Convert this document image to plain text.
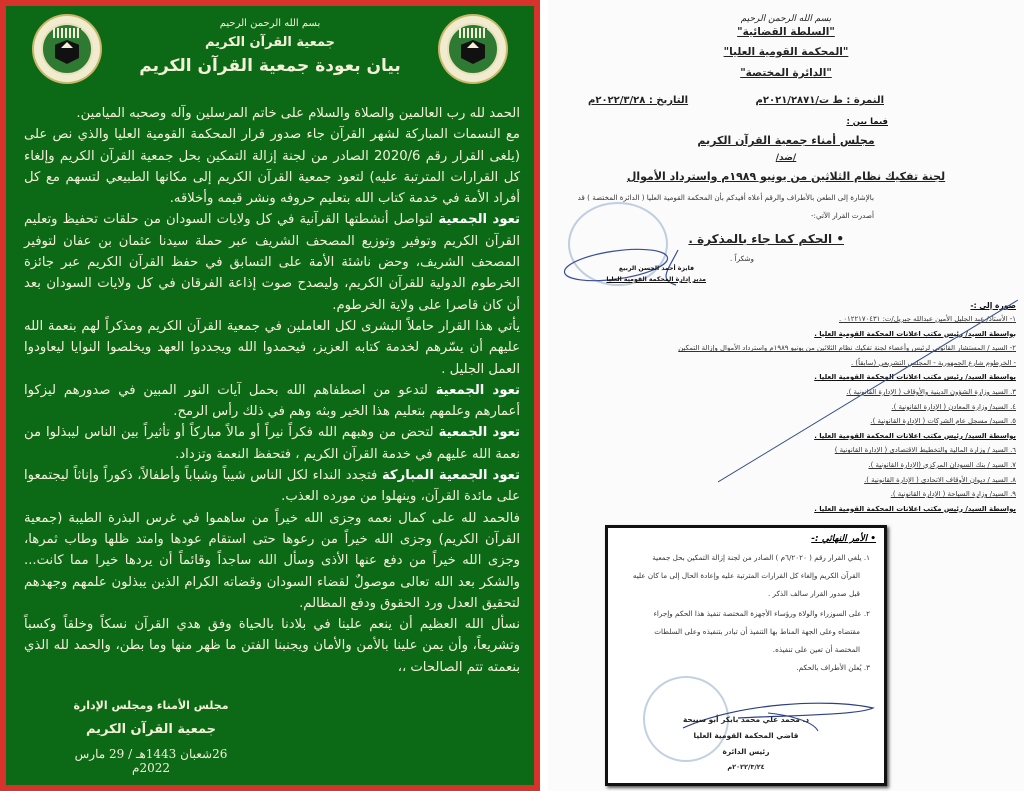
بسم الله الرحمن الرحيم
جمعية القرآن الكريم
بيان بعودة جمعية القرآن الكريم

الحمد لله رب العالمين والصلاة والسلام على خاتم المرسلين وآله وصحبه الميامين.

مع النسمات المباركة لشهر القرآن جاء صدور قرار المحكمة القومية العليا والذي نص على (يلغى القرار رقم 2020/6 الصادر من لجنة إزالة التمكين بحل جمعية القرآن الكريم وإلغاء كل القرارات المترتبة عليه) لتعود جمعية القرآن الكريم إلى مكانها الطبيعي لتسهم مع كل أفراد الأمة في خدمة كتاب الله بتعليم حروفه ونشر قيمه وأخلاقه.

تعود الجمعية لتواصل أنشطتها القرآنية في كل ولايات السودان من حلقات تحفيظ وتعليم القرآن الكريم وتوفير وتوزيع المصحف الشريف عبر حملة سيدنا عثمان بن عفان لتوفير المصحف الشريف، وحض ناشئة الأمة على التسابق في حفظ القرآن الكريم عبر جائزة الخرطوم الدولية للقرآن الكريم، وليصدح صوت إذاعة الفرقان في كل ولايات السودان بعد أن كان قاصرا على ولاية الخرطوم.

يأتي هذا القرار حاملاً البشرى لكل العاملين في جمعية القرآن الكريم ومذكراً لهم بنعمة الله عليهم أن يسّرهم لخدمة كتابه العزيز، فيحمدوا الله ويجددوا العهد ويخلصوا النوايا ليعاودوا العمل الجليل .

تعود الجمعية لتدعو من اصطفاهم الله بحمل آيات النور المبين في صدورهم ليزكوا أعمارهم وعلمهم بتعليم هذا الخير وبثه وهم في ذلك رأس الرمح.

تعود الجمعية لتحض من وهبهم الله فكراً نيراً أو مالاً مباركاً أو تأثيراً بين الناس ليبذلوا من نعمة الله عليهم في خدمة القرآن الكريم ، فتحفظ النعمة وتزداد.

تعود الجمعية المباركة فتجدد النداء لكل الناس شيباً وشباباً وأطفالاً، ذكوراً وإناثاً ليجتمعوا على مائدة القرآن، وينهلوا من مورده العذب.

فالحمد لله على كمال نعمه وجزى الله خيراً من ساهموا في غرس البذرة الطيبة (جمعية القرآن الكريم) وجزى الله خيراً من رعوها حتى استقام عودها وامتد ظلها وطاب ثمرها، وجزى الله خيراً من دفع عنها الأذى وسأل الله ساجداً وقائماً أن يردها خيرا مما كانت... والشكر بعد الله تعالى موصولٌ لقضاء السودان وقضاته الكرام الذين يبذلون علمهم وجهدهم لتحقيق العدل ورد الحقوق ودفع المظالم.

نسأل الله العظيم أن ينعم علينا في بلادنا بالحياة وفق هدي القرآن نسكاً وخلقاً وكسباً وتشريعاً، وأن يمن علينا بالأمن والأمان ويجنبنا الفتن ما ظهر منها وما بطن، والحمد لله الذي بنعمته تتم الصالحات ،،

مجلس الأمناء ومجلس الإدارة
جمعية القرآن الكريم
26شعبان 1443هـ / 29 مارس 2022م
بسم الله الرحمن الرحيم
"السلطة القضائية"
"المحكمة القومية العليا"
"الدائرة المختصة"
النمرة : ط ت/٢٠٢١/٢٨٧١م
التاريخ : ٢٠٢٢/٣/٢٨م
فيما بين :
مجلس أمناء جمعية القرآن الكريم
/ضد/
لجنة تفكيك نظام الثلاثين من يونيو ١٩٨٩م واسترداد الأموال
بالإشارة إلى الطعن بالأطراف والرقم أعلاه أفيدكم بأن المحكمة القومية العليا ( الدائرة المختصة ) قد
أصدرت القرار الآتي:-
• الحكم كما جاء بالمذكرة .
وشكراً .
فايزة أحمد الحسن الربيع
مدير إدارة المحكمة القومية العليا
صورة إلى :-
١- الأستاذ/ عبد الجليل الأمين عبدالله جبريل/ت: ٠١٢٢١٧٠٤٣١ .
بواسطة السيد/ رئيس مكتب اعلانات المحكمة القومية العليا .
٢- السيد / المستشار القانوني لرئيس وأعضاء لجنة تفكيك نظام الثلاثين من يونيو ١٩٨٩م واسترداد الأموال وإزالة التمكين
- الخرطوم شارع الجمهورية - المجلس التشريعي (سابقاً) .
بواسطة السيد/ رئيس مكتب اعلانات المحكمة القومية العليا .
٣. السيد وزارة الشؤون الدينية والأوقاف ( الإدارة القانونية ).
٤. السيد/ وزارة المعادن ( الإدارة القانونية ).
٥. السيد/ مسجل عام الشركات ( الإدارة القانونية ).
بواسطة السيد/ رئيس مكتب اعلانات المحكمة القومية العليا .
٦. السيد / وزارة المالية والتخطيط الاقتصادي ( الإدارة القانونية )
٧. السيد / بنك السودان المركزي (الإدارة القانونية ).
٨. السيد / ديوان الأوقاف الاتحادي ( الإدارة القانونية ).
٩. السيد/ وزارة السياحة ( الإدارة القانونية ).
بواسطة السيد/ رئيس مكتب اعلانات المحكمة القومية العليا .
• الأمر النهائي :-
١. يلغي القرار رقم ( ٦/٢٠٢٠م ) الصادر من لجنة إزالة التمكين بحل جمعية
القرآن الكريم وإلغاء كل القرارات المترتبة عليه وإعادة الحال إلى ما كان عليه
قبل صدور القرار سالف الذكر .
٢. على السوزراء والولاة ورؤساء الأجهزة المختصة تنفيذ هذا الحكم وإجراء
مقتضاه وعلى الجهة المناط بها التنفيذ أن تبادر بتنفيذه وعلى السلطات
المختصة أن تعين على تنفيذه.
٣. يُعلن الأطراف بالحكم.
د. محمد علي محمد بابكر أبو سبيحة
قاضي المحكمة القومية العليا
رئيس الدائرة
٢٠٢٢/٣/٢٤م
